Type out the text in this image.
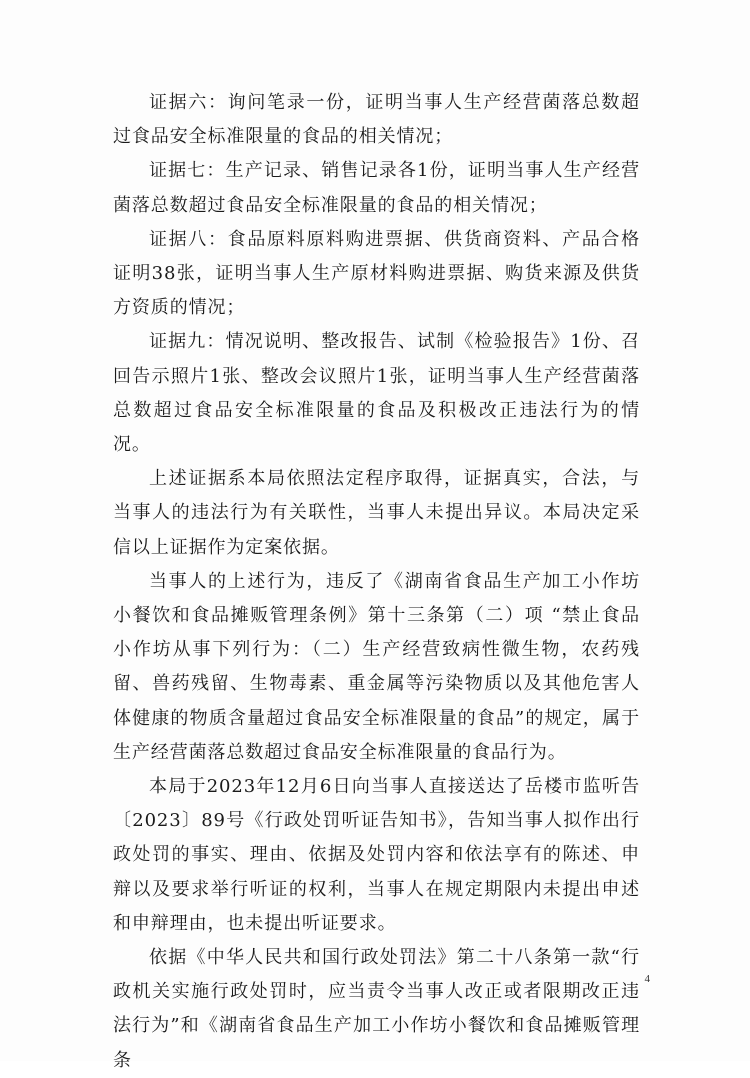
证据六：询问笔录一份，证明当事人生产经营菌落总数超过食品安全标准限量的食品的相关情况；

证据七：生产记录、销售记录各1份，证明当事人生产经营菌落总数超过食品安全标准限量的食品的相关情况；

证据八：食品原料原料购进票据、供货商资料、产品合格证明38张，证明当事人生产原材料购进票据、购货来源及供货方资质的情况；

证据九：情况说明、整改报告、试制《检验报告》1份、召回告示照片1张、整改会议照片1张，证明当事人生产经营菌落总数超过食品安全标准限量的食品及积极改正违法行为的情况。

上述证据系本局依照法定程序取得，证据真实，合法，与当事人的违法行为有关联性，当事人未提出异议。本局决定采信以上证据作为定案依据。

当事人的上述行为，违反了《湖南省食品生产加工小作坊小餐饮和食品摊贩管理条例》第十三条第（二）项 “禁止食品小作坊从事下列行为：（二）生产经营致病性微生物，农药残留、兽药残留、生物毒素、重金属等污染物质以及其他危害人体健康的物质含量超过食品安全标准限量的食品”的规定，属于生产经营菌落总数超过食品安全标准限量的食品行为。

本局于2023年12月6日向当事人直接送达了岳楼市监听告〔2023〕89号《行政处罚听证告知书》，告知当事人拟作出行政处罚的事实、理由、依据及处罚内容和依法享有的陈述、申辩以及要求举行听证的权利，当事人在规定期限内未提出申述和申辩理由，也未提出听证要求。

依据《中华人民共和国行政处罚法》第二十八条第一款“行政机关实施行政处罚时，应当责令当事人改正或者限期改正违法行为”和《湖南省食品生产加工小作坊小餐饮和食品摊贩管理条

4
